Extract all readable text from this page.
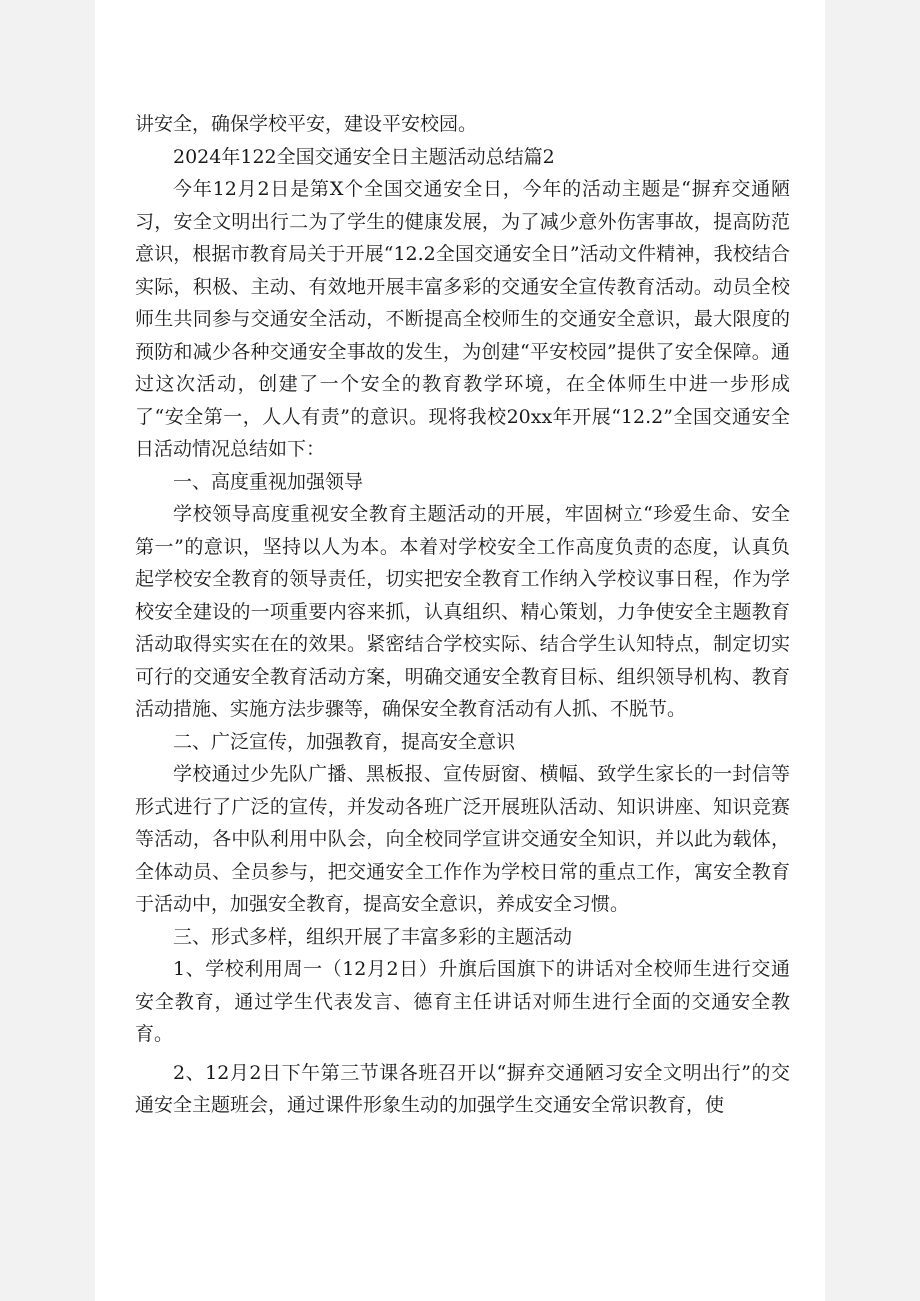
讲安全，确保学校平安，建设平安校园。

2024年122全国交通安全日主题活动总结篇2

今年12月2日是第X个全国交通安全日，今年的活动主题是“摒弃交通陋习，安全文明出行二为了学生的健康发展，为了减少意外伤害事故，提高防范意识，根据市教育局关于开展“12.2全国交通安全日”活动文件精神，我校结合实际，积极、主动、有效地开展丰富多彩的交通安全宣传教育活动。动员全校师生共同参与交通安全活动，不断提高全校师生的交通安全意识，最大限度的预防和减少各种交通安全事故的发生，为创建“平安校园”提供了安全保障。通过这次活动，创建了一个安全的教育教学环境，在全体师生中进一步形成了“安全第一，人人有责”的意识。现将我校20xx年开展“12.2”全国交通安全日活动情况总结如下：

一、高度重视加强领导

学校领导高度重视安全教育主题活动的开展，牢固树立“珍爱生命、安全第一”的意识，坚持以人为本。本着对学校安全工作高度负责的态度，认真负起学校安全教育的领导责任，切实把安全教育工作纳入学校议事日程，作为学校安全建设的一项重要内容来抓，认真组织、精心策划，力争使安全主题教育活动取得实实在在的效果。紧密结合学校实际、结合学生认知特点，制定切实可行的交通安全教育活动方案，明确交通安全教育目标、组织领导机构、教育活动措施、实施方法步骤等，确保安全教育活动有人抓、不脱节。

二、广泛宣传，加强教育，提高安全意识

学校通过少先队广播、黑板报、宣传厨窗、横幅、致学生家长的一封信等形式进行了广泛的宣传，并发动各班广泛开展班队活动、知识讲座、知识竞赛等活动，各中队利用中队会，向全校同学宣讲交通安全知识，并以此为载体，全体动员、全员参与，把交通安全工作作为学校日常的重点工作，寓安全教育于活动中，加强安全教育，提高安全意识，养成安全习惯。

三、形式多样，组织开展了丰富多彩的主题活动

1、学校利用周一（12月2日）升旗后国旗下的讲话对全校师生进行交通安全教育，通过学生代表发言、德育主任讲话对师生进行全面的交通安全教育。

2、12月2日下午第三节课各班召开以“摒弃交通陋习安全文明出行”的交通安全主题班会，通过课件形象生动的加强学生交通安全常识教育，使
